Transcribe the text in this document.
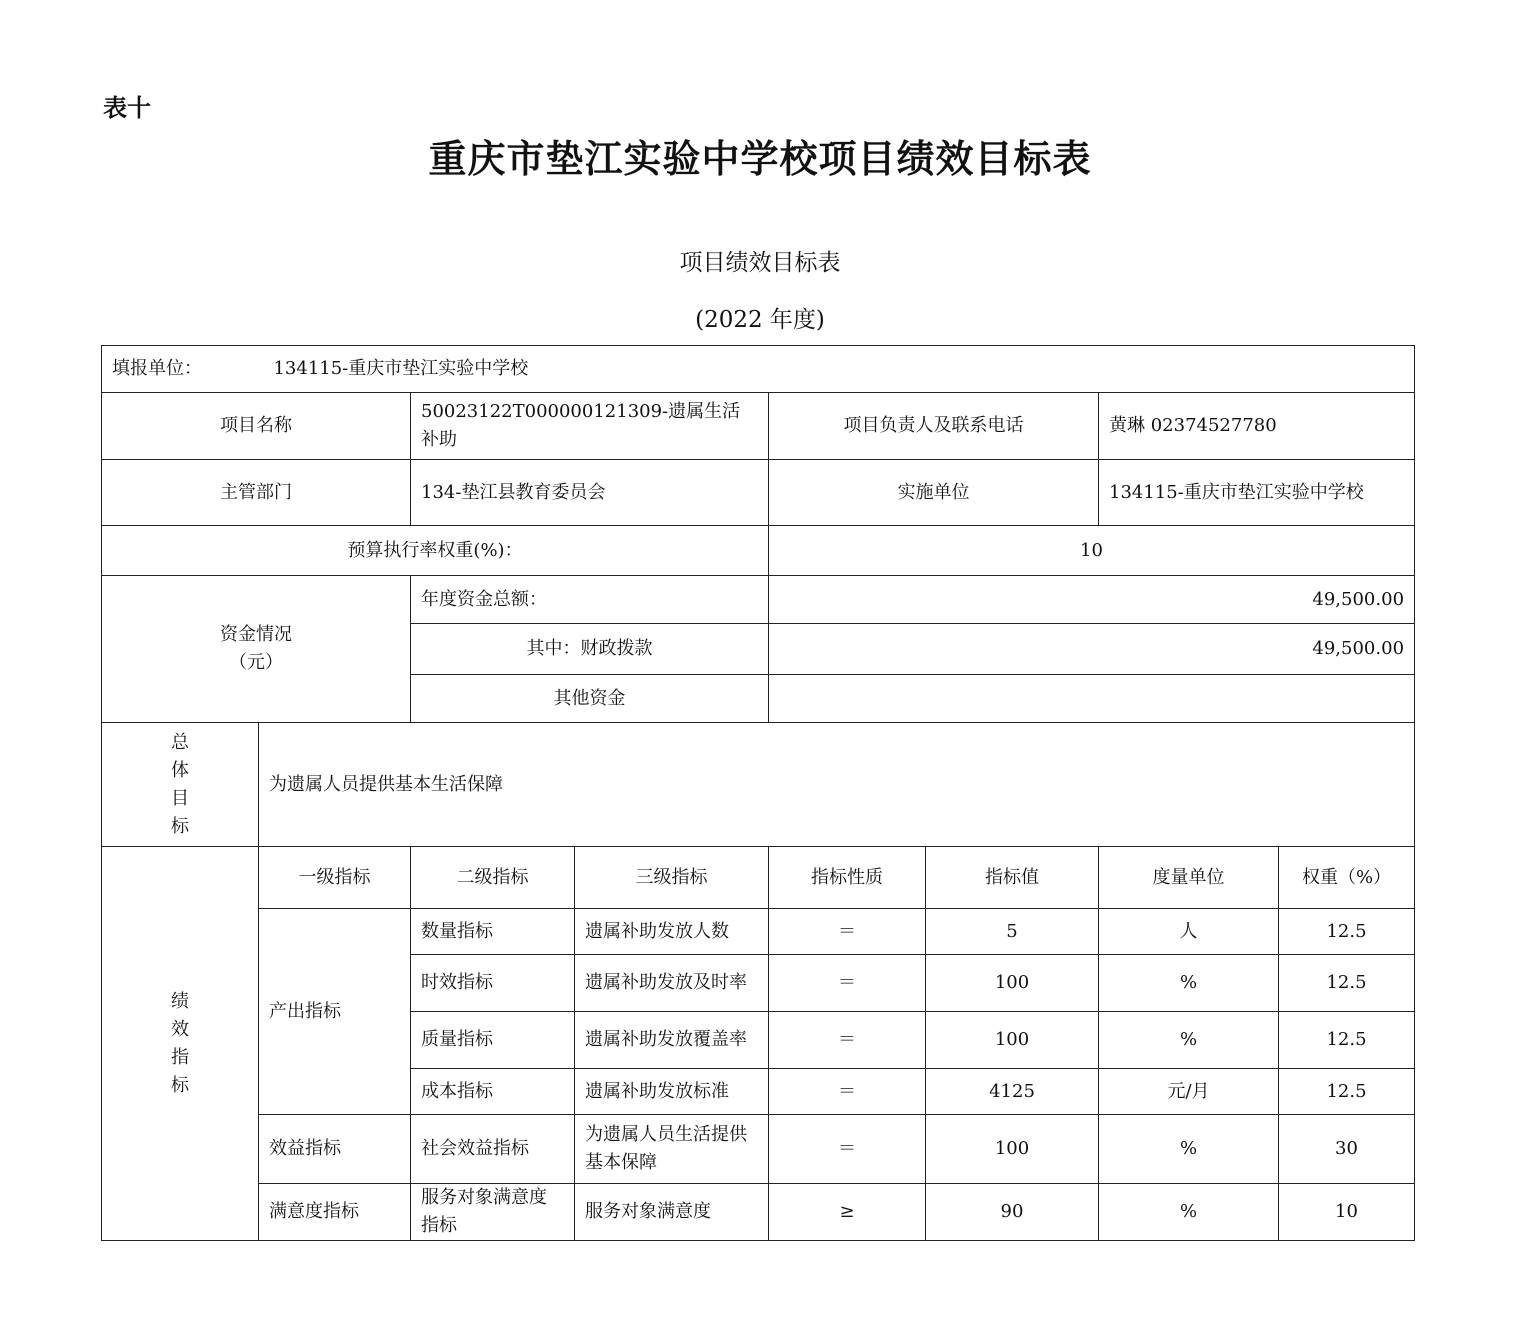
表十
重庆市垫江实验中学校项目绩效目标表
项目绩效目标表
(2022 年度)
填报单位： 134115-重庆市垫江实验中学校							
项目名称		50023122T000000121309-遗属生活补助		项目负责人及联系电话		黄琳 02374527780	
主管部门		134-垫江县教育委员会		实施单位		134115-重庆市垫江实验中学校	
预算执行率权重(%)：				10			

资金情况
（元）		年度资金总额：		49,500.00			
		其中：财政拨款		49,500.00			
		其他资金					

总
体
目
标	为遗属人员提供基本生活保障						

绩
效
指
标	一级指标	二级指标	三级指标	指标性质	指标值	度量单位	权重（%）
	产出指标	数量指标	遗属补助发放人数	＝	5	人	12.5
		时效指标	遗属补助发放及时率	＝	100	%	12.5
		质量指标	遗属补助发放覆盖率	＝	100	%	12.5
		成本指标	遗属补助发放标准	＝	4125	元/月	12.5
	效益指标	社会效益指标	为遗属人员生活提供基本保障	＝	100	%	30
	满意度指标	服务对象满意度指标	服务对象满意度	≥	90	%	10
